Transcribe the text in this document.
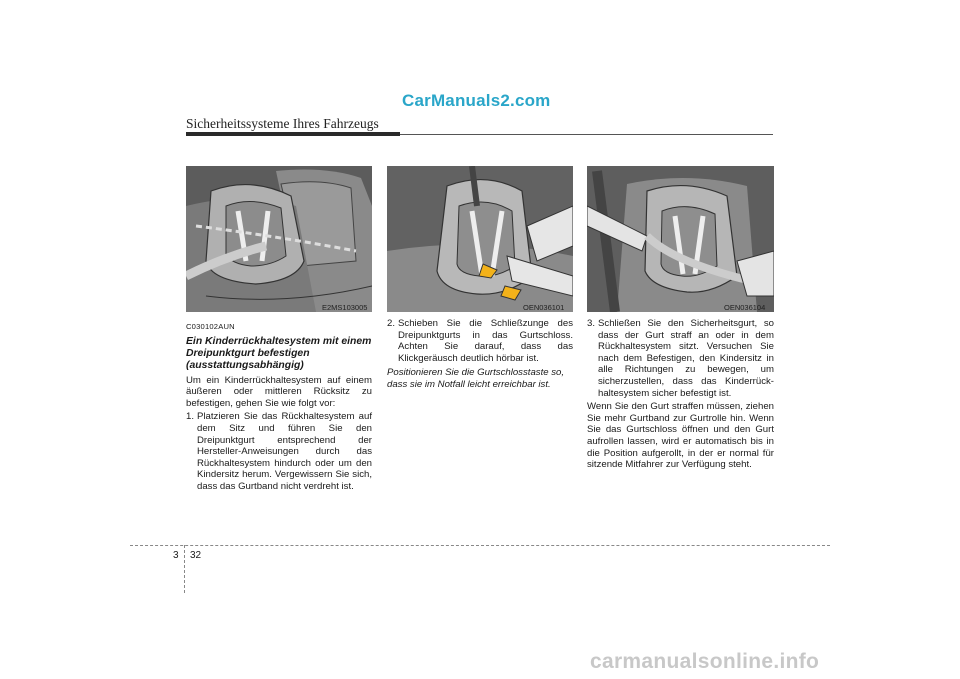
CarManuals2.com
Sicherheitssysteme Ihres Fahrzeugs
E2MS103005	OEN036101	OEN036104
C030102AUN
Ein Kinderrückhaltesystem mit einem
Dreipunktgurt befestigen
(ausstattungsabhängig)

Um ein Kinderrückhaltesystem auf einem äußeren oder mittleren Rücksitz zu befestigen, gehen Sie wie folgt vor:

1. Platzieren Sie das Rückhaltesystem auf dem Sitz und führen Sie den Dreipunktgurt entsprechend der Hersteller-Anweisungen durch das Rückhaltesystem hindurch oder um den Kindersitz herum. Vergewissern Sie sich, dass das Gurtband nicht verdreht ist.
2. Schieben Sie die Schließzunge des Dreipunktgurts in das Gurtschloss. Achten Sie darauf, dass das Klickgeräusch deutlich hörbar ist.
Positionieren Sie die Gurtschlosstaste so, dass sie im Notfall leicht erreichbar ist.
3. Schließen Sie den Sicherheitsgurt, so dass der Gurt straff an oder in dem Rückhaltesystem sitzt. Versuchen Sie nach dem Befestigen, den Kindersitz in alle Richtungen zu bewegen, um sicherzustellen, dass das Kinderrück-haltesystem sicher befestigt ist.

Wenn Sie den Gurt straffen müssen, ziehen Sie mehr Gurtband zur Gurtrolle hin. Wenn Sie das Gurtschloss öffnen und den Gurt aufrollen lassen, wird er automatisch bis in die Position aufgerollt, in der er normal für sitzende Mitfahrer zur Verfügung steht.

3 32
carmanualsonline.info
